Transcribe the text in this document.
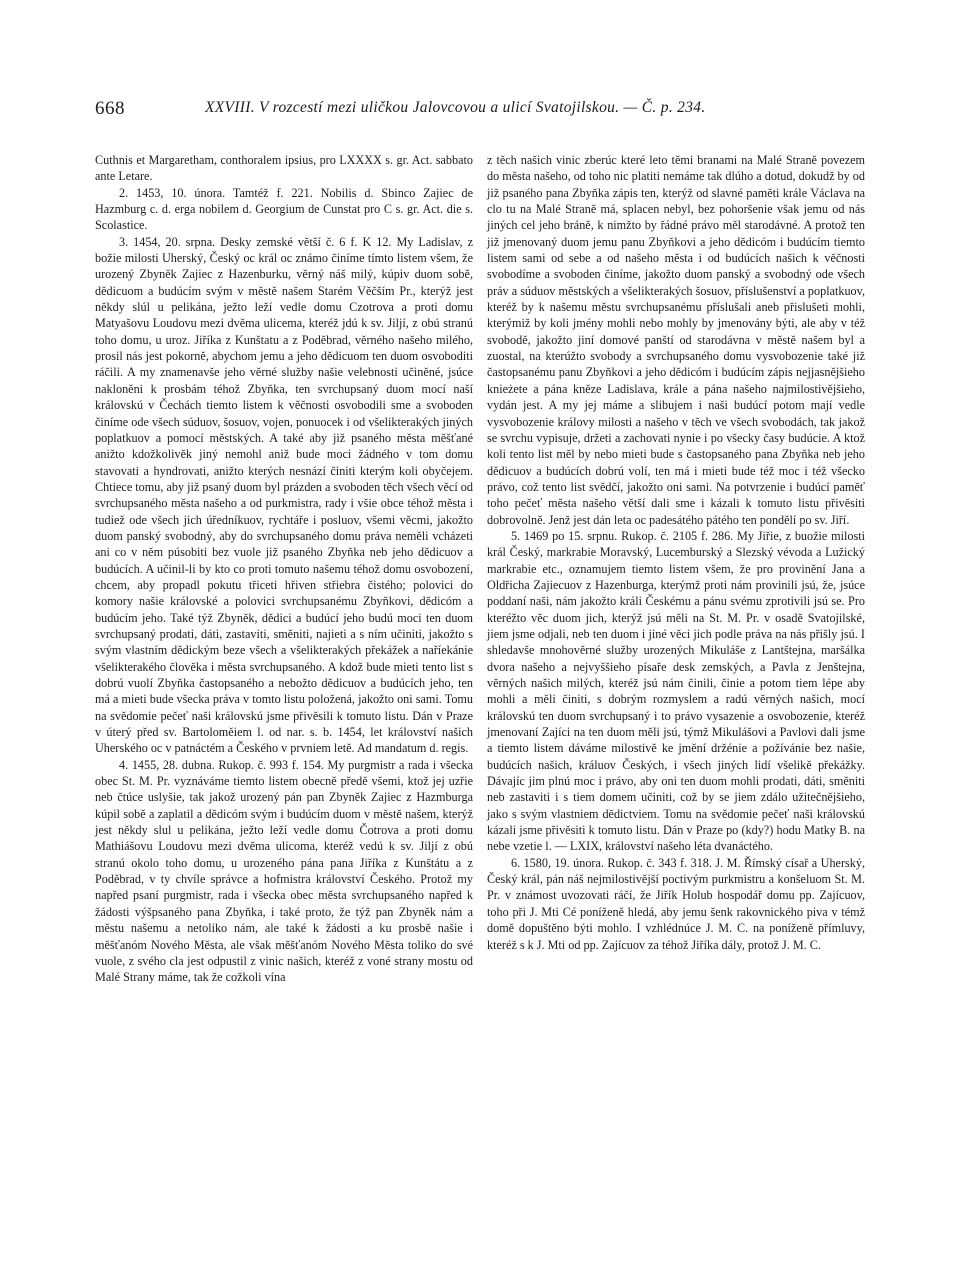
668	XXVIII. V rozcestí mezi uličkou Jalovcovou a ulicí Svatojilskou. — Č. p. 234.

Cuthnis et Margaretham, conthoralem ipsius, pro LXXXX s. gr. Act. sabbato ante Letare.

2. 1453, 10. února. Tamtéž f. 221. Nobilis d. Sbinco Zajiec de Hazmburg c. d. erga nobilem d. Georgium de Cunstat pro C s. gr. Act. die s. Scolastice.

3. 1454, 20. srpna. Desky zemské větší č. 6 f. K 12. My Ladislav, z božie milosti Uherský, Český oc král oc známo činíme tímto listem všem, že urozený Zbyněk Zajiec z Hazenburku, věrný náš milý, kúpiv duom sobě, dědicuom a budúcím svým v městě našem Starém Věčším Pr., kterýž jest někdy slúl u pelikána, ježto leží vedle domu Czotrova a proti domu Matyašovu Loudovu mezi dvěma ulicema, kteréž jdú k sv. Jiljí, z obú stranú toho domu, u uroz. Jiříka z Kunštatu a z Poděbrad, věrného našeho milého, prosil nás jest pokorně, abychom jemu a jeho dědicuom ten duom osvoboditi ráčili. A my znamenavše jeho věrné služby našie velebnosti učiněné, jsúce nakloněni k prosbám téhož Zbyňka, ten svrchupsaný duom mocí naší královskú v Čechách tiemto listem k věčnosti osvobodili sme a svoboden činíme ode všech súduov, šosuov, vojen, ponuocek i od všelikterakých jiných poplatkuov a pomocí městských. A také aby již psaného města měšťané anižto kdožkolivěk jiný nemohl aniž bude moci žádného v tom domu stavovati a hyndrovati, anižto kterých nesnází činiti kterým koli obyčejem. Chtiece tomu, aby již psaný duom byl prázden a svoboden těch všech věcí od svrchupsaného města našeho a od purkmistra, rady i všie obce téhož města i tudiež ode všech jich úředníkuov, rychtáře i posluov, všemi věcmi, jakožto duom panský svobodný, aby do svrchupsaného domu práva neměli vcházeti ani co v něm púsobiti bez vuole již psaného Zbyňka neb jeho dědicuov a budúcích. A učinil-li by kto co proti tomuto našemu téhož domu osvobození, chcem, aby propadl pokutu třiceti hřiven střiebra čistého; polovici do komory našie královské a polovici svrchupsanému Zbyňkovi, dědicóm a budúcím jeho. Také týž Zbyněk, dědici a budúcí jeho budú moci ten duom svrchupsaný prodati, dáti, zastaviti, směniti, najieti a s ním učiniti, jakožto s svým vlastním dědickým beze všech a všelikterakých překážek a naříekánie všelikterakého člověka i města svrchupsaného. A kdož bude mieti tento list s dobrú vuolí Zbyňka častopsaného a nebožto dědicuov a budúcích jeho, ten má a mieti bude všecka práva v tomto listu položená, jakožto oni sami. Tomu na svědomie pečeť naši královskú jsme přivěsili k tomuto listu. Dán v Praze v úterý před sv. Bartoloměiem l. od nar. s. b. 1454, let království našich Uherského oc v patnáctém a Českého v prvniem letě. Ad mandatum d. regis.

4. 1455, 28. dubna. Rukop. č. 993 f. 154. My purgmistr a rada i všecka obec St. M. Pr. vyznáváme tiemto listem obecně předě všemi, ktož jej uzřie neb čtúce uslyšie, tak jakož urozený pán pan Zbyněk Zajiec z Hazmburga kúpil sobě a zaplatil a dědicóm svým i budúcím duom v městě našem, kterýž jest někdy slul u pelikána, ježto leží vedle domu Čotrova a proti domu Mathiášovu Loudovu mezi dvěma ulicoma, kteréž vedú k sv. Jiljí z obú stranú okolo toho domu, u urozeného pána pana Jiříka z Kunštátu a z Poděbrad, v ty chvíle správce a hofmistra království Českého. Protož my napřed psaní purgmistr, rada i všecka obec města svrchupsaného napřed k žádosti výšpsaného pana Zbyňka, i také proto, že týž pan Zbyněk nám a městu našemu a netoliko nám, ale také k žádosti a ku prosbě našie i měšťanóm Nového Města, ale však měšťanóm Nového Města toliko do své vuole, z svého cla jest odpustil z vinic našich, kteréž z voné strany mostu od Malé Strany máme, tak že cožkoli vína

z těch našich vinic zberúc které leto těmi branami na Malé Straně povezem do města našeho, od toho nic platiti nemáme tak dlúho a dotud, dokudž by od již psaného pana Zbyňka zápis ten, kterýž od slavné paměti krále Václava na clo tu na Malé Straně má, splacen nebyl, bez pohoršenie však jemu od nás jiných cel jeho bráně, k nimžto by řádné právo měl starodávné. A protož ten již jmenovaný duom jemu panu Zbyňkovi a jeho dědicóm i budúcím tiemto listem sami od sebe a od našeho města i od budúcích našich k věčnosti svobodíme a svoboden činíme, jakožto duom panský a svobodný ode všech práv a súduov městských a všelikterakých šosuov, příslušenství a poplatkuov, kteréž by k našemu městu svrchupsanému příslušali aneb přislušeti mohli, kterýmiž by koli jmény mohli nebo mohly by jmenovány býti, ale aby v též svobodě, jakožto jiní domové panští od starodávna v městě našem byl a zuostal, na kterúžto svobody a svrchupsaného domu vysvobozenie také již častopsanému panu Zbyňkovi a jeho dědicóm i budúcím zápis nejjasnějšieho knieżete a pána kněze Ladislava, krále a pána našeho najmilostivějšieho, vydán jest. A my jej máme a slibujem i naši budúcí potom mají vedle vysvobozenie královy milosti a našeho v těch ve všech svobodách, tak jakož se svrchu vypisuje, držeti a zachovati nynie i po všecky časy budúcie. A ktož koli tento list měl by nebo mieti bude s častopsaného pana Zbyňka neb jeho dědicuov a budúcích dobrú volí, ten má i mieti bude též moc i též všecko právo, což tento list svědčí, jakožto oni sami. Na potvrzenie i budúcí paměť toho pečeť města našeho větší dali sme i kázali k tomuto listu přivěsiti dobrovolně. Jenž jest dán leta oc padesátého pátého ten pondělí po sv. Jiří.

5. 1469 po 15. srpnu. Rukop. č. 2105 f. 286. My Jiřie, z buožie milosti král Český, markrabie Moravský, Lucemburský a Slezský vévoda a Lužický markrabie etc., oznamujem tiemto listem všem, že pro provinění Jana a Oldřicha Zajiecuov z Hazenburga, kterýmž proti nám provinili jsú, že, jsúce poddaní naši, nám jakožto králi Českému a pánu svému zprotivili jsú se. Pro kteréžto věc duom jich, kterýž jsú měli na St. M. Pr. v osadě Svatojilské, jiem jsme odjali, neb ten duom i jiné věci jich podle práva na nás přišly jsú. I shledavše mnohověrné služby urozených Mikuláše z Lantštejna, maršálka dvora našeho a nejvyššieho písaře desk zemských, a Pavla z Jenštejna, věrných našich milých, kteréž jsú nám činili, činie a potom tiem lépe aby mohli a měli činiti, s dobrým rozmyslem a radú věrných našich, mocí královskú ten duom svrchupsaný i to právo vysazenie a osvobozenie, kteréž jmenovaní Zajíci na ten duom měli jsú, týmž Mikulášovi a Pavlovi dali jsme a tiemto listem dáváme milostivě ke jmění držénie a požívánie bez našie, budúcích našich, králuov Českých, i všech jiných lidí všelikě překážky. Dávajíc jim plnú moc i právo, aby oni ten duom mohli prodati, dáti, směniti neb zastaviti i s tiem domem učiniti, což by se jiem zdálo užitečnějšieho, jako s svým vlastniem dědictviem. Tomu na svědomie pečeť naši královskú kázali jsme přivěsiti k tomuto listu. Dán v Praze po (kdy?) hodu Matky B. na nebe vzetie l. — LXIX, království našeho léta dvanáctého.

6. 1580, 19. února. Rukop. č. 343 f. 318. J. M. Římský císař a Uherský, Český král, pán náš nejmilostivější poctivým purkmistru a konšeluom St. M. Pr. v známost uvozovati ráčí, že Jiřík Holub hospodář domu pp. Zajícuov, toho při J. Mti Cé poníženě hledá, aby jemu šenk rakovnického piva v témž domě dopuštěno býti mohlo. I vzhlédnúce J. M. C. na poníženě přímluvy, kteréž s k J. Mti od pp. Zajícuov za téhož Jiříka dály, protož J. M. C.
